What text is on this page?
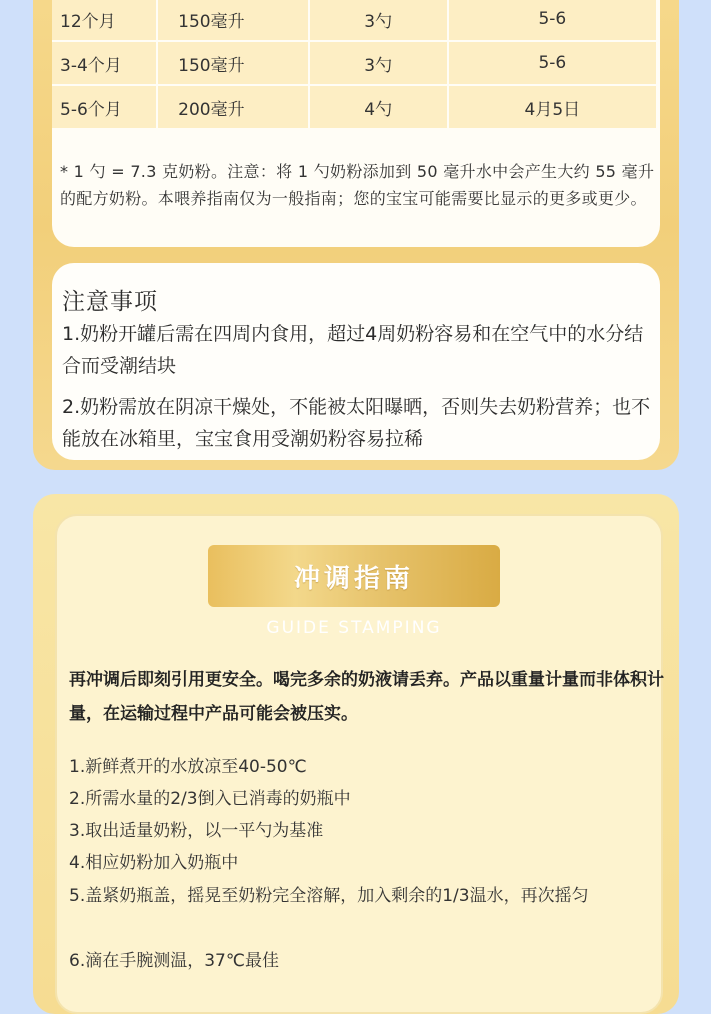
12个月	150毫升	3勺	5-6
3-4个月	150毫升	3勺	5-6
5-6个月	200毫升	4勺	4月5日
* 1 勺 = 7.3 克奶粉。注意：将 1 勺奶粉添加到 50 毫升水中会产生大约 55 毫升的配方奶粉。本喂养指南仅为一般指南；您的宝宝可能需要比显示的更多或更少。
注意事项
1.奶粉开罐后需在四周内食用，超过4周奶粉容易和在空气中的水分结合而受潮结块
2.奶粉需放在阴凉干燥处，不能被太阳曝晒，否则失去奶粉营养；也不能放在冰箱里，宝宝食用受潮奶粉容易拉稀
冲调指南
GUIDE STAMPING
再冲调后即刻引用更安全。喝完多余的奶液请丢弃。产品以重量计量而非体积计量，在运输过程中产品可能会被压实。
1.新鲜煮开的水放凉至40-50℃
2.所需水量的2/3倒入已消毒的奶瓶中
3.取出适量奶粉，以一平勺为基准
4.相应奶粉加入奶瓶中
5.盖紧奶瓶盖，摇晃至奶粉完全溶解，加入剩余的1/3温水，再次摇匀
6.滴在手腕测温，37℃最佳
